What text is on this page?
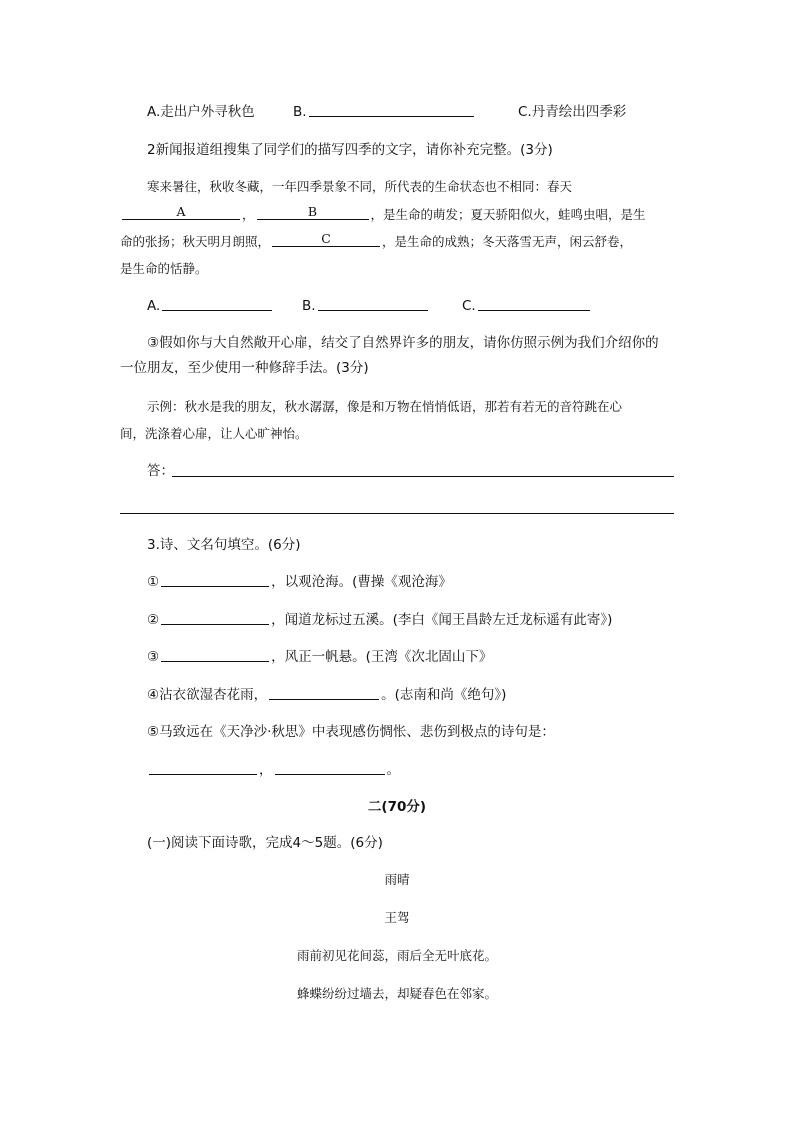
A.走出户外寻秋色	B.	C.丹青绘出四季彩
2新闻报道组搜集了同学们的描写四季的文字，请你补充完整。(3分)
寒来暑往，秋收冬藏，一年四季景象不同，所代表的生命状态也不相同：春天
A	，	B	，是生命的萌发；夏天骄阳似火，蛙鸣虫唱，是生
命的张扬；秋天明月朗照，	C	，是生命的成熟；冬天落雪无声，闲云舒卷，
是生命的恬静。
A.	B.	C.
③假如你与大自然敞开心扉，结交了自然界许多的朋友，请你仿照示例为我们介绍你的
一位朋友，至少使用一种修辞手法。(3分)
示例：秋水是我的朋友，秋水潺潺，像是和万物在悄悄低语，那若有若无的音符跳在心
间，洗涤着心扉，让人心旷神怡。
答：
3.诗、文名句填空。(6分)
①	，以观沧海。(曹操《观沧海》
②	，闻道龙标过五溪。(李白《闻王昌龄左迁龙标遥有此寄》)
③	，风正一帆悬。(王湾《次北固山下》
④沾衣欲湿杏花雨，	。(志南和尚《绝句》)
⑤马致远在《天净沙·秋思》中表现感伤惆怅、悲伤到极点的诗句是：
，	。
二(70分)
(一)阅读下面诗歌，完成4～5题。(6分)
雨晴
王驾
雨前初见花间蕊，雨后全无叶底花。
蜂蝶纷纷过墙去，却疑春色在邻家。
